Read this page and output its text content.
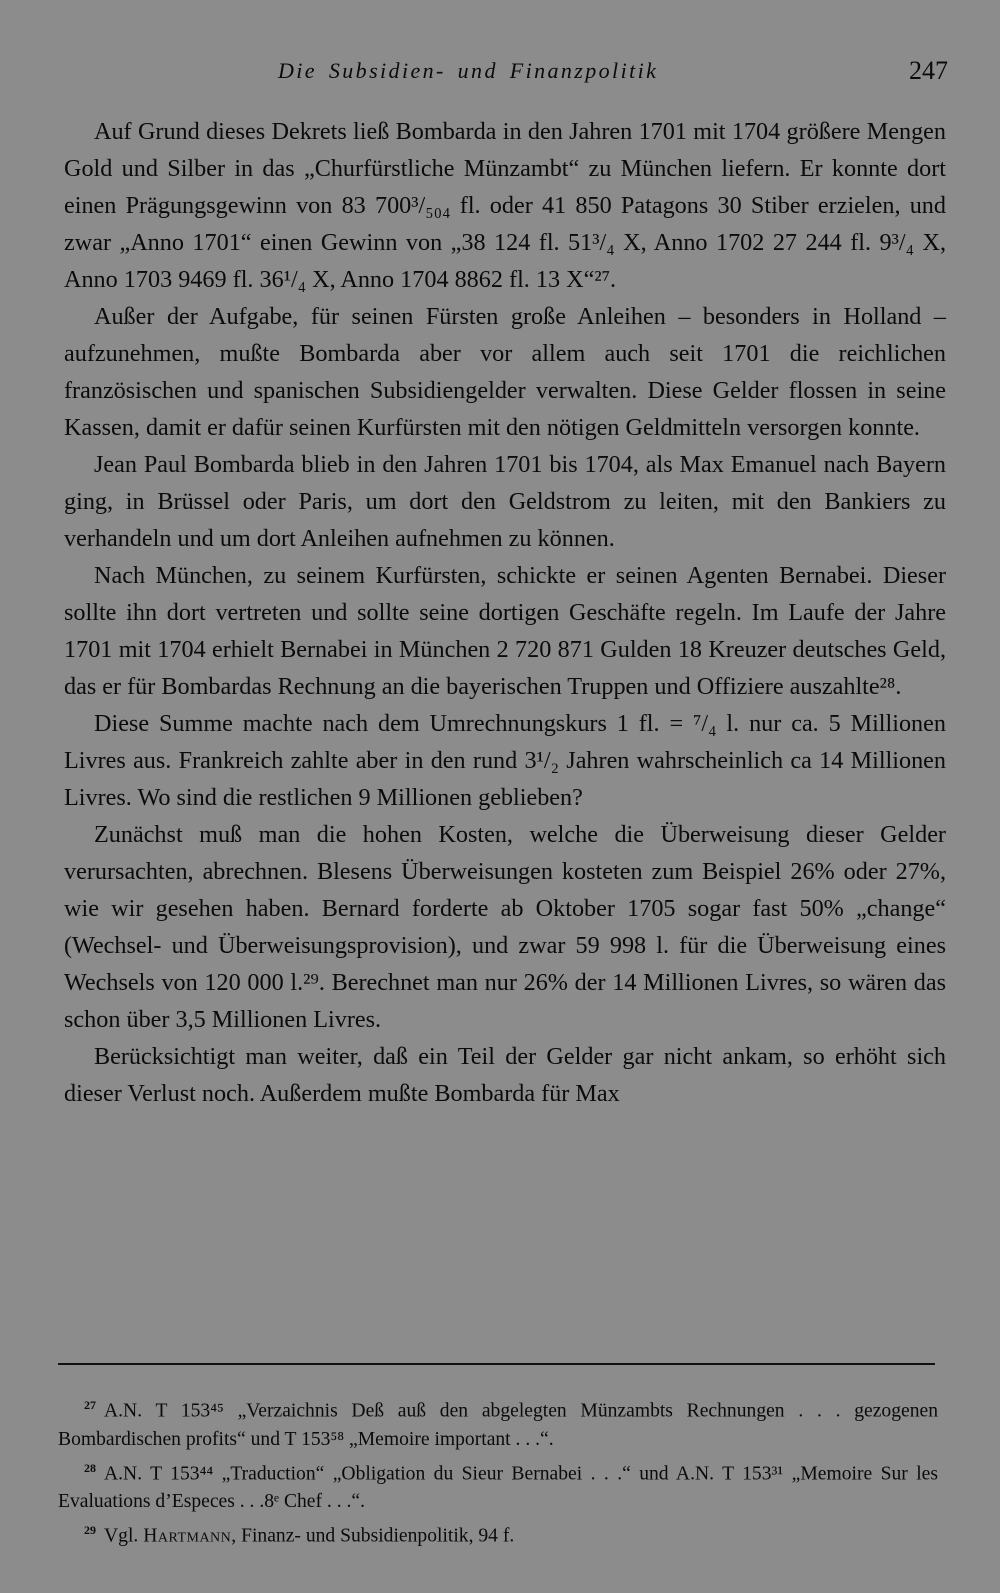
Die Subsidien- und Finanzpolitik	247

Auf Grund dieses Dekrets ließ Bombarda in den Jahren 1701 mit 1704 größere Mengen Gold und Silber in das „Churfürstliche Münzambt“ zu München liefern. Er konnte dort einen Prägungsgewinn von 83 700³/₅₀₄ fl. oder 41 850 Patagons 30 Stiber erzielen, und zwar „Anno 1701“ einen Gewinn von „38 124 fl. 51³/₄ X, Anno 1702 27 244 fl. 9³/₄ X, Anno 1703 9469 fl. 36¹/₄ X, Anno 1704 8862 fl. 13 X“²⁷.

Außer der Aufgabe, für seinen Fürsten große Anleihen – besonders in Holland – aufzunehmen, mußte Bombarda aber vor allem auch seit 1701 die reichlichen französischen und spanischen Subsidiengelder verwalten. Diese Gelder flossen in seine Kassen, damit er dafür seinen Kurfürsten mit den nötigen Geldmitteln versorgen konnte.

Jean Paul Bombarda blieb in den Jahren 1701 bis 1704, als Max Emanuel nach Bayern ging, in Brüssel oder Paris, um dort den Geldstrom zu leiten, mit den Bankiers zu verhandeln und um dort Anleihen aufnehmen zu können.

Nach München, zu seinem Kurfürsten, schickte er seinen Agenten Bernabei. Dieser sollte ihn dort vertreten und sollte seine dortigen Geschäfte regeln. Im Laufe der Jahre 1701 mit 1704 erhielt Bernabei in München 2 720 871 Gulden 18 Kreuzer deutsches Geld, das er für Bombardas Rechnung an die bayerischen Truppen und Offiziere auszahlte²⁸.

Diese Summe machte nach dem Umrechnungskurs 1 fl. = ⁷/₄ l. nur ca. 5 Millionen Livres aus. Frankreich zahlte aber in den rund 3¹/₂ Jahren wahrscheinlich ca 14 Millionen Livres. Wo sind die restlichen 9 Millionen geblieben?

Zunächst muß man die hohen Kosten, welche die Überweisung dieser Gelder verursachten, abrechnen. Blesens Überweisungen kosteten zum Beispiel 26% oder 27%, wie wir gesehen haben. Bernard forderte ab Oktober 1705 sogar fast 50% „change“ (Wechsel- und Überweisungsprovision), und zwar 59 998 l. für die Überweisung eines Wechsels von 120 000 l.²⁹. Berechnet man nur 26% der 14 Millionen Livres, so wären das schon über 3,5 Millionen Livres.

Berücksichtigt man weiter, daß ein Teil der Gelder gar nicht ankam, so erhöht sich dieser Verlust noch. Außerdem mußte Bombarda für Max

$^{27}$ A.N. T 153⁴⁵ „Verzaichnis Deß auß den abgelegten Münzambts Rechnungen . . . gezogenen Bombardischen profits“ und T 153⁵⁸ „Memoire important . . .“.

$^{28}$ A.N. T 153⁴⁴ „Traduction“ „Obligation du Sieur Bernabei . . .“ und A.N. T 153³¹ „Memoire Sur les Evaluations d’Especes . . .8ᵉ Chef . . .“.

$^{29}$ Vgl. Hartmann, Finanz- und Subsidienpolitik, 94 f.
